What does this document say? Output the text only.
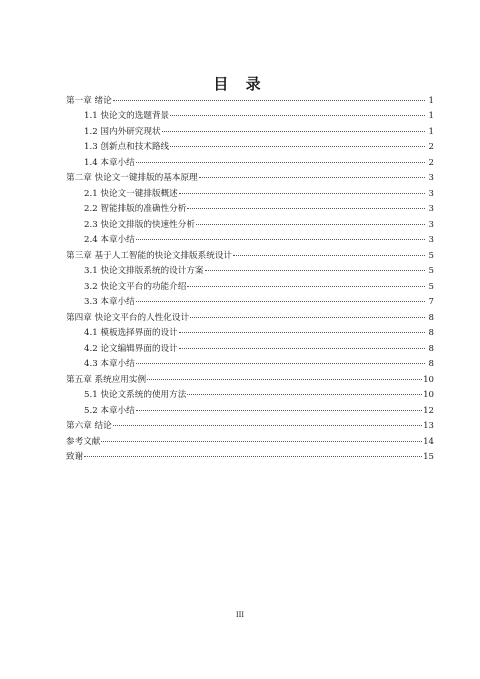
目 录
第一章 绪论	1
1.1 快论文的选题背景	1
1.2 国内外研究现状	1
1.3 创新点和技术路线	2
1.4 本章小结	2
第二章 快论文一键排版的基本原理	3
2.1 快论文一键排版概述	3
2.2 智能排版的准确性分析	3
2.3 快论文排版的快速性分析	3
2.4 本章小结	3
第三章 基于人工智能的快论文排版系统设计	5
3.1 快论文排版系统的设计方案	5
3.2 快论文平台的功能介绍	5
3.3 本章小结	7
第四章 快论文平台的人性化设计	8
4.1 模板选择界面的设计	8
4.2 论文编辑界面的设计	8
4.3 本章小结	8
第五章 系统应用实例	10
5.1 快论文系统的使用方法	10
5.2 本章小结	12
第六章 结论	13
参考文献	14
致谢	15
III
